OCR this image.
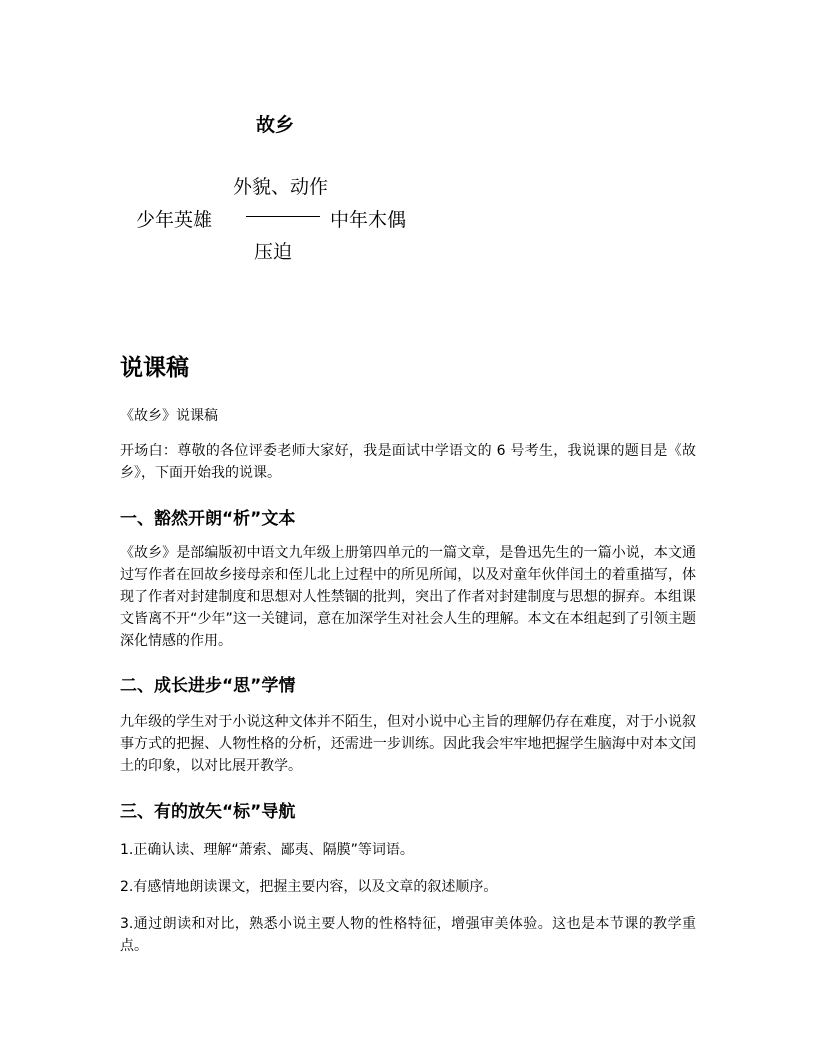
故乡
外貌、动作
少年英雄	中年木偶
压迫
说课稿
《故乡》说课稿
开场白：尊敬的各位评委老师大家好，我是面试中学语文的 6 号考生，我说课的题目是《故乡》，下面开始我的说课。
一、豁然开朗“析”文本
《故乡》是部编版初中语文九年级上册第四单元的一篇文章，是鲁迅先生的一篇小说，本文通过写作者在回故乡接母亲和侄儿北上过程中的所见所闻，以及对童年伙伴闰土的着重描写，体现了作者对封建制度和思想对人性禁锢的批判，突出了作者对封建制度与思想的摒弃。本组课文皆离不开“少年”这一关键词，意在加深学生对社会人生的理解。本文在本组起到了引领主题深化情感的作用。
二、成长进步“思”学情
九年级的学生对于小说这种文体并不陌生，但对小说中心主旨的理解仍存在难度，对于小说叙事方式的把握、人物性格的分析，还需进一步训练。因此我会牢牢地把握学生脑海中对本文闰土的印象，以对比展开教学。
三、有的放矢“标”导航
1.正确认读、理解“萧索、鄙夷、隔膜”等词语。
2.有感情地朗读课文，把握主要内容，以及文章的叙述顺序。
3.通过朗读和对比，熟悉小说主要人物的性格特征，增强审美体验。这也是本节课的教学重点。
